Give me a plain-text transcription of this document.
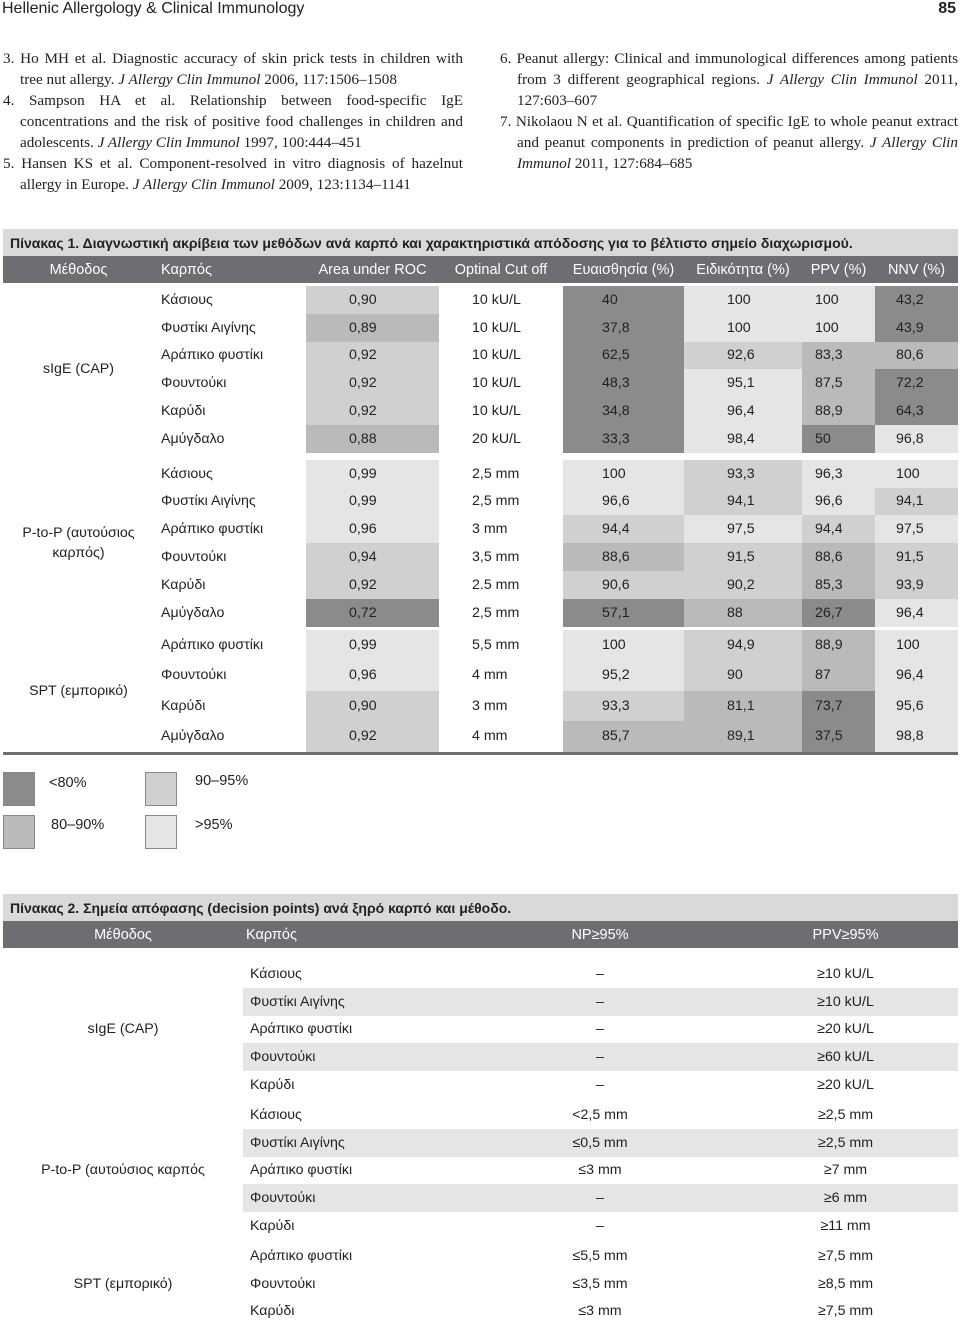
Hellenic Allergology & Clinical Immunology	85

3. Ho MH et al. Diagnostic accuracy of skin prick tests in children with tree nut allergy. J Allergy Clin Immunol 2006, 117:1506–1508

4. Sampson HA et al. Relationship between food-specific IgE concentrations and the risk of positive food challenges in children and adolescents. J Allergy Clin Immunol 1997, 100:444–451

5. Hansen KS et al. Component-resolved in vitro diagnosis of hazelnut allergy in Europe. J Allergy Clin Immunol 2009, 123:1134–1141

6. Peanut allergy: Clinical and immunological differences among patients from 3 different geographical regions. J Allergy Clin Immunol 2011, 127:603–607

7. Nikolaou N et al. Quantification of specific IgE to whole peanut extract and peanut components in prediction of peanut allergy. J Allergy Clin Immunol 2011, 127:684–685

Πίνακας 1. Διαγνωστική ακρίβεια των μεθόδων ανά καρπό και χαρακτηριστικά απόδοσης για το βέλτιστο σημείο διαχωρισμού.							
Μέθοδος	Καρπός	Area under ROC	Optinal Cut off	Ευαισθησία (%)	Ειδικότητα (%)	PPV (%)	NNV (%)

sIgE (CAP)	Κάσιους	0,90	10 kU/L	40	100	100	43,2
	Φυστίκι Αιγίνης	0,89	10 kU/L	37,8	100	100	43,9
	Αράπικο φυστίκι	0,92	10 kU/L	62,5	92,6	83,3	80,6
	Φουντούκι	0,92	10 kU/L	48,3	95,1	87,5	72,2
	Καρύδι	0,92	10 kU/L	34,8	96,4	88,9	64,3
	Αμύγδαλο	0,88	20 kU/L	33,3	98,4	50	96,8

P-to-P (αυτούσιος καρπός)	Κάσιους	0,99	2,5 mm	100	93,3	96,3	100
	Φυστίκι Αιγίνης	0,99	2,5 mm	96,6	94,1	96,6	94,1
	Αράπικο φυστίκι	0,96	3 mm	94,4	97,5	94,4	97,5
	Φουντούκι	0,94	3,5 mm	88,6	91,5	88,6	91,5
	Καρύδι	0,92	2.5 mm	90,6	90,2	85,3	93,9
	Αμύγδαλο	0,72	2,5 mm	57,1	88	26,7	96,4

SPT (εμπορικό)	Αράπικο φυστίκι	0,99	5,5 mm	100	94,9	88,9	100
	Φουντούκι	0,96	4 mm	95,2	90	87	96,4
	Καρύδι	0,90	3 mm	93,3	81,1	73,7	95,6
	Αμύγδαλο	0,92	4 mm	85,7	89,1	37,5	98,8

<80%	90–95%
80–90%	>95%
Πίνακας 2. Σημεία απόφασης (decision points) ανά ξηρό καρπό και μέθοδο.			
Μέθοδος	Καρπός	NP≥95%	PPV≥95%

sIgE (CAP)	Κάσιους	–	≥10 kU/L
	Φυστίκι Αιγίνης	–	≥10 kU/L
	Αράπικο φυστίκι	–	≥20 kU/L
	Φουντούκι	–	≥60 kU/L
	Καρύδι	–	≥20 kU/L

P-to-P (αυτούσιος καρπός	Κάσιους	<2,5 mm	≥2,5 mm
	Φυστίκι Αιγίνης	≤0,5 mm	≥2,5 mm
	Αράπικο φυστίκι	≤3 mm	≥7 mm
	Φουντούκι	–	≥6 mm
	Καρύδι	–	≥11 mm

SPT (εμπορικό)	Αράπικο φυστίκι	≤5,5 mm	≥7,5 mm
	Φουντούκι	≤3,5 mm	≥8,5 mm
	Καρύδι	≤3 mm	≥7,5 mm
